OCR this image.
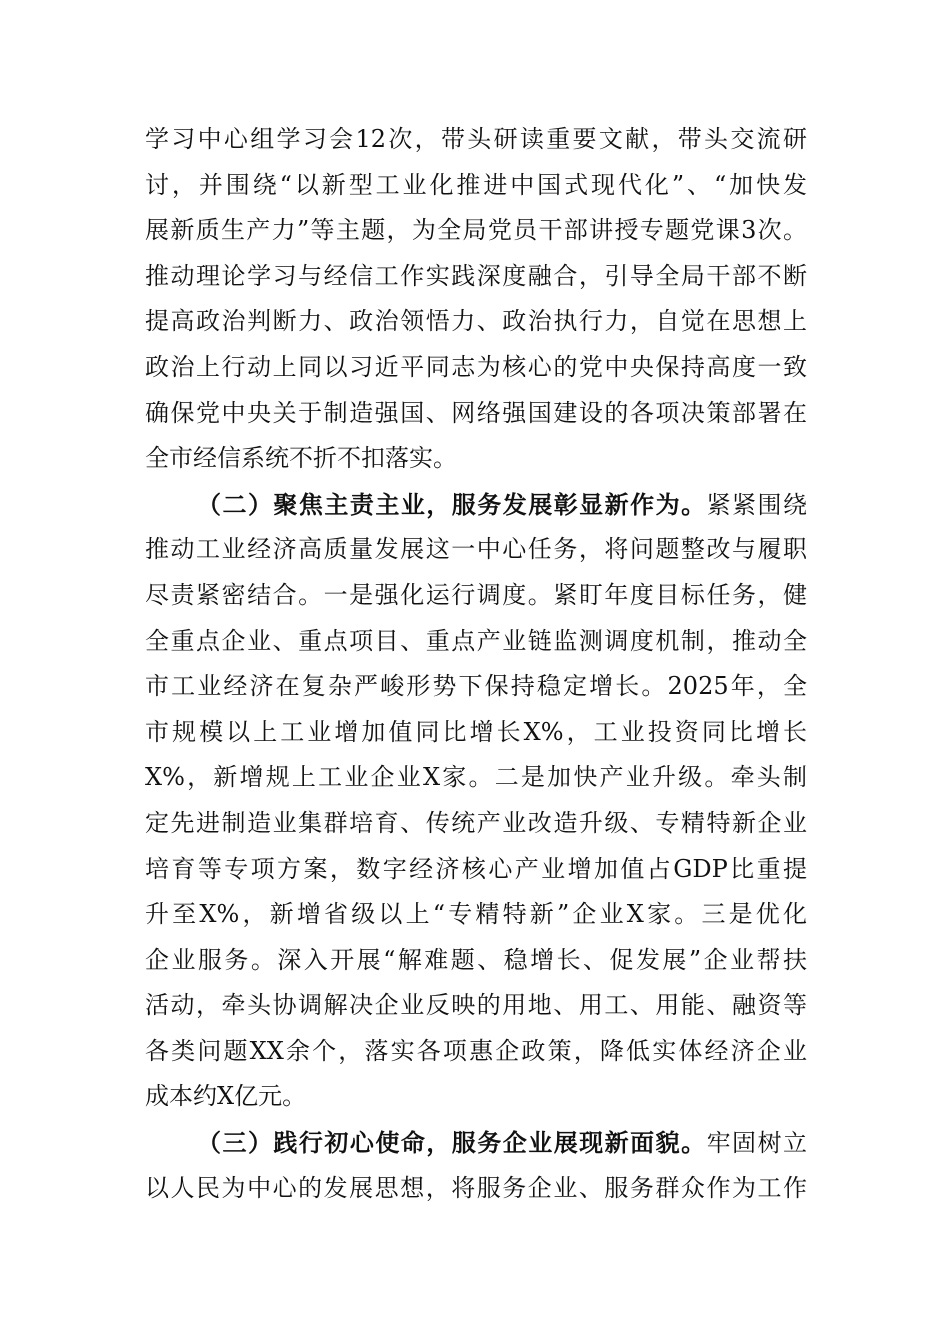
学习中心组学习会12次，带头研读重要文献，带头交流研
讨，并围绕“以新型工业化推进中国式现代化”、“加快发
展新质生产力”等主题，为全局党员干部讲授专题党课3次。
推动理论学习与经信工作实践深度融合，引导全局干部不断
提高政治判断力、政治领悟力、政治执行力，自觉在思想上
政治上行动上同以习近平同志为核心的党中央保持高度一致
确保党中央关于制造强国、网络强国建设的各项决策部署在
全市经信系统不折不扣落实。
（二）聚焦主责主业，服务发展彰显新作为。紧紧围绕
推动工业经济高质量发展这一中心任务，将问题整改与履职
尽责紧密结合。一是强化运行调度。紧盯年度目标任务，健
全重点企业、重点项目、重点产业链监测调度机制，推动全
市工业经济在复杂严峻形势下保持稳定增长。2025年，全
市规模以上工业增加值同比增长X%，工业投资同比增长
X%，新增规上工业企业X家。二是加快产业升级。牵头制
定先进制造业集群培育、传统产业改造升级、专精特新企业
培育等专项方案，数字经济核心产业增加值占GDP比重提
升至X%，新增省级以上“专精特新”企业X家。三是优化
企业服务。深入开展“解难题、稳增长、促发展”企业帮扶
活动，牵头协调解决企业反映的用地、用工、用能、融资等
各类问题XX余个，落实各项惠企政策，降低实体经济企业
成本约X亿元。
（三）践行初心使命，服务企业展现新面貌。牢固树立
以人民为中心的发展思想，将服务企业、服务群众作为工作
